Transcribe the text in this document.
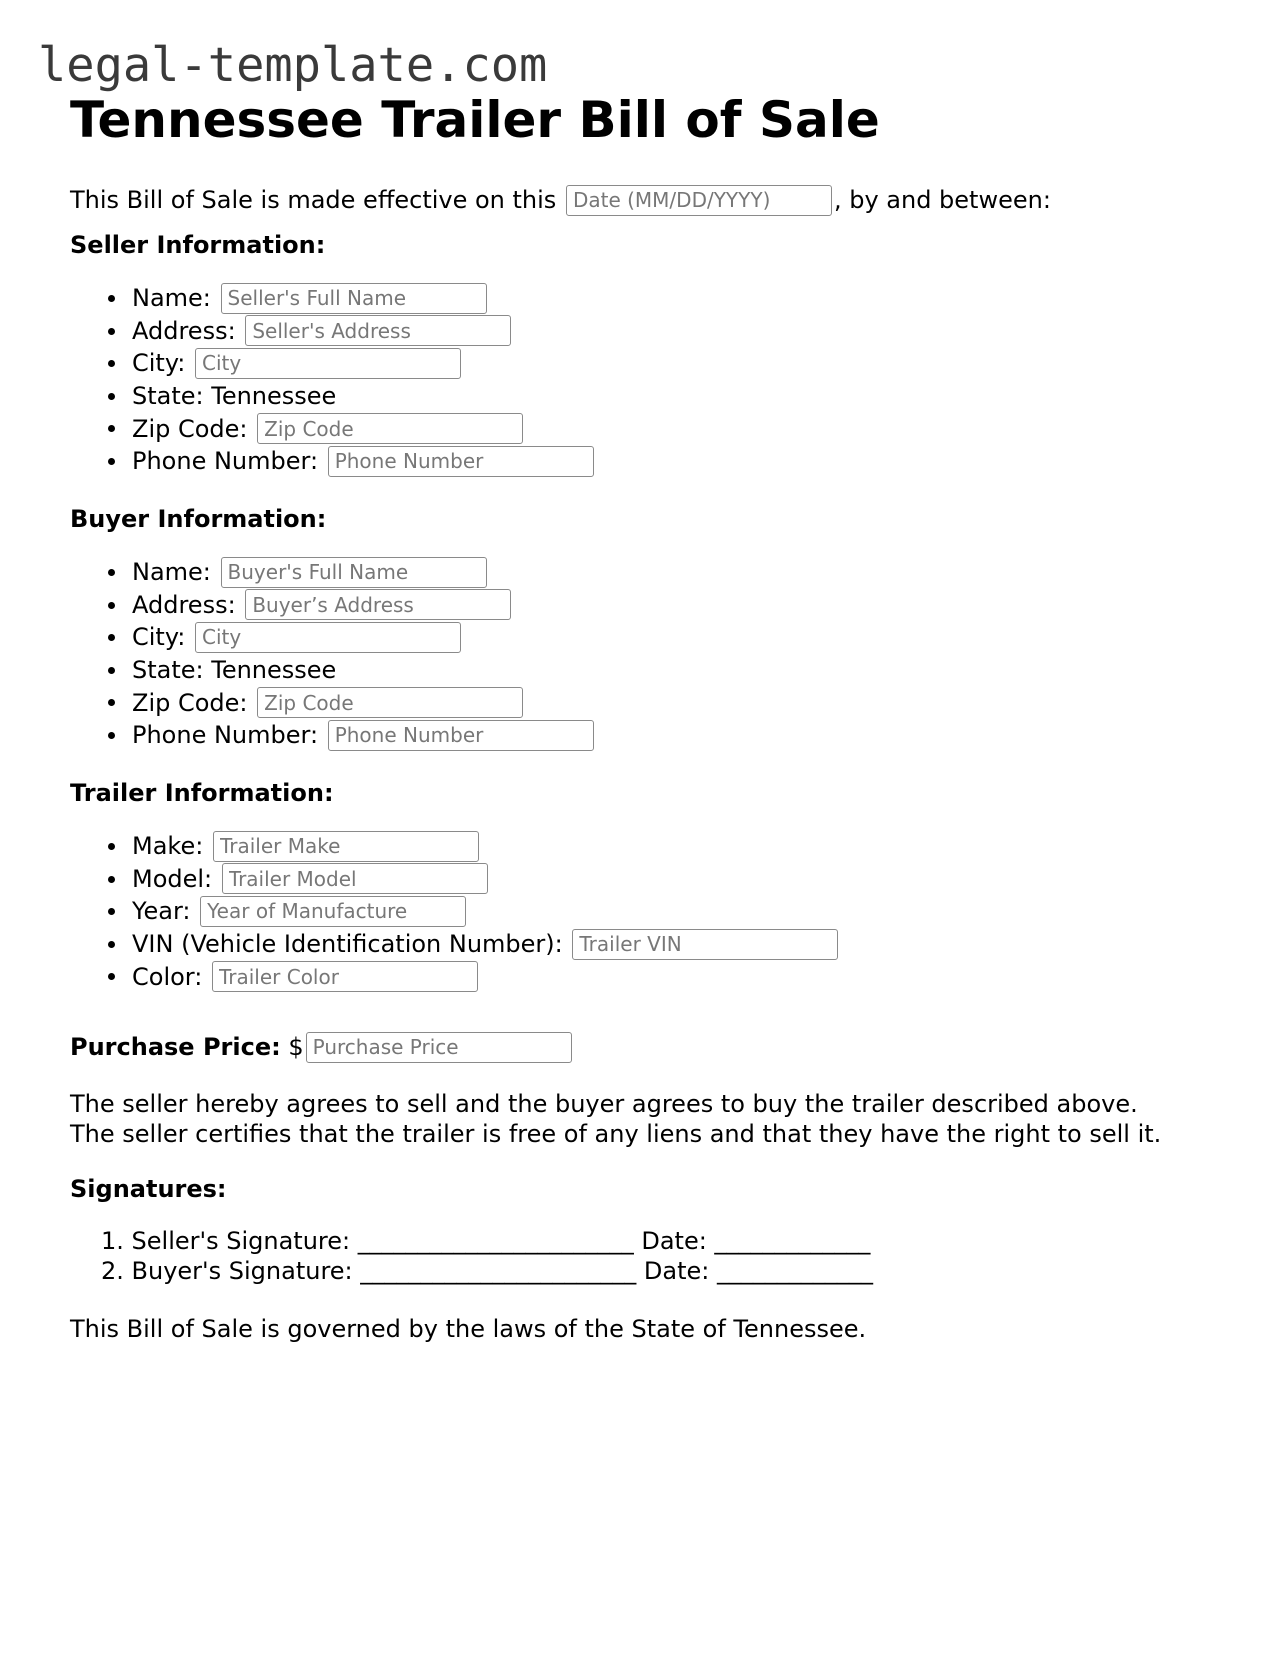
legal-template.com
Tennessee Trailer Bill of Sale
This Bill of Sale is made effective on this

Date (MM/DD/YYYY)	, by and between:
Seller Information:
Name:

Seller's Full Name
Address:

Seller's Address
City:

City
State: Tennessee
Zip Code:

Zip Code
Phone Number:

Phone Number
Buyer Information:
Name:

Buyer's Full Name
Address:

Buyer’s Address
City:

City
State: Tennessee
Zip Code:

Zip Code
Phone Number:

Phone Number
Trailer Information:
Make:

Trailer Make
Model:

Trailer Model
Year:

Year of Manufacture
VIN (Vehicle Identification Number):

Trailer VIN
Color:

Trailer Color
Purchase Price:
$
Purchase Price

The seller hereby agrees to sell and the buyer agrees to buy the trailer described above.
The seller certifies that the trailer is free of any liens and that they have the right to sell it.

Signatures:
1. Seller's Signature: _______________________ Date: _____________
2. Buyer's Signature: _______________________ Date: _____________

This Bill of Sale is governed by the laws of the State of Tennessee.
